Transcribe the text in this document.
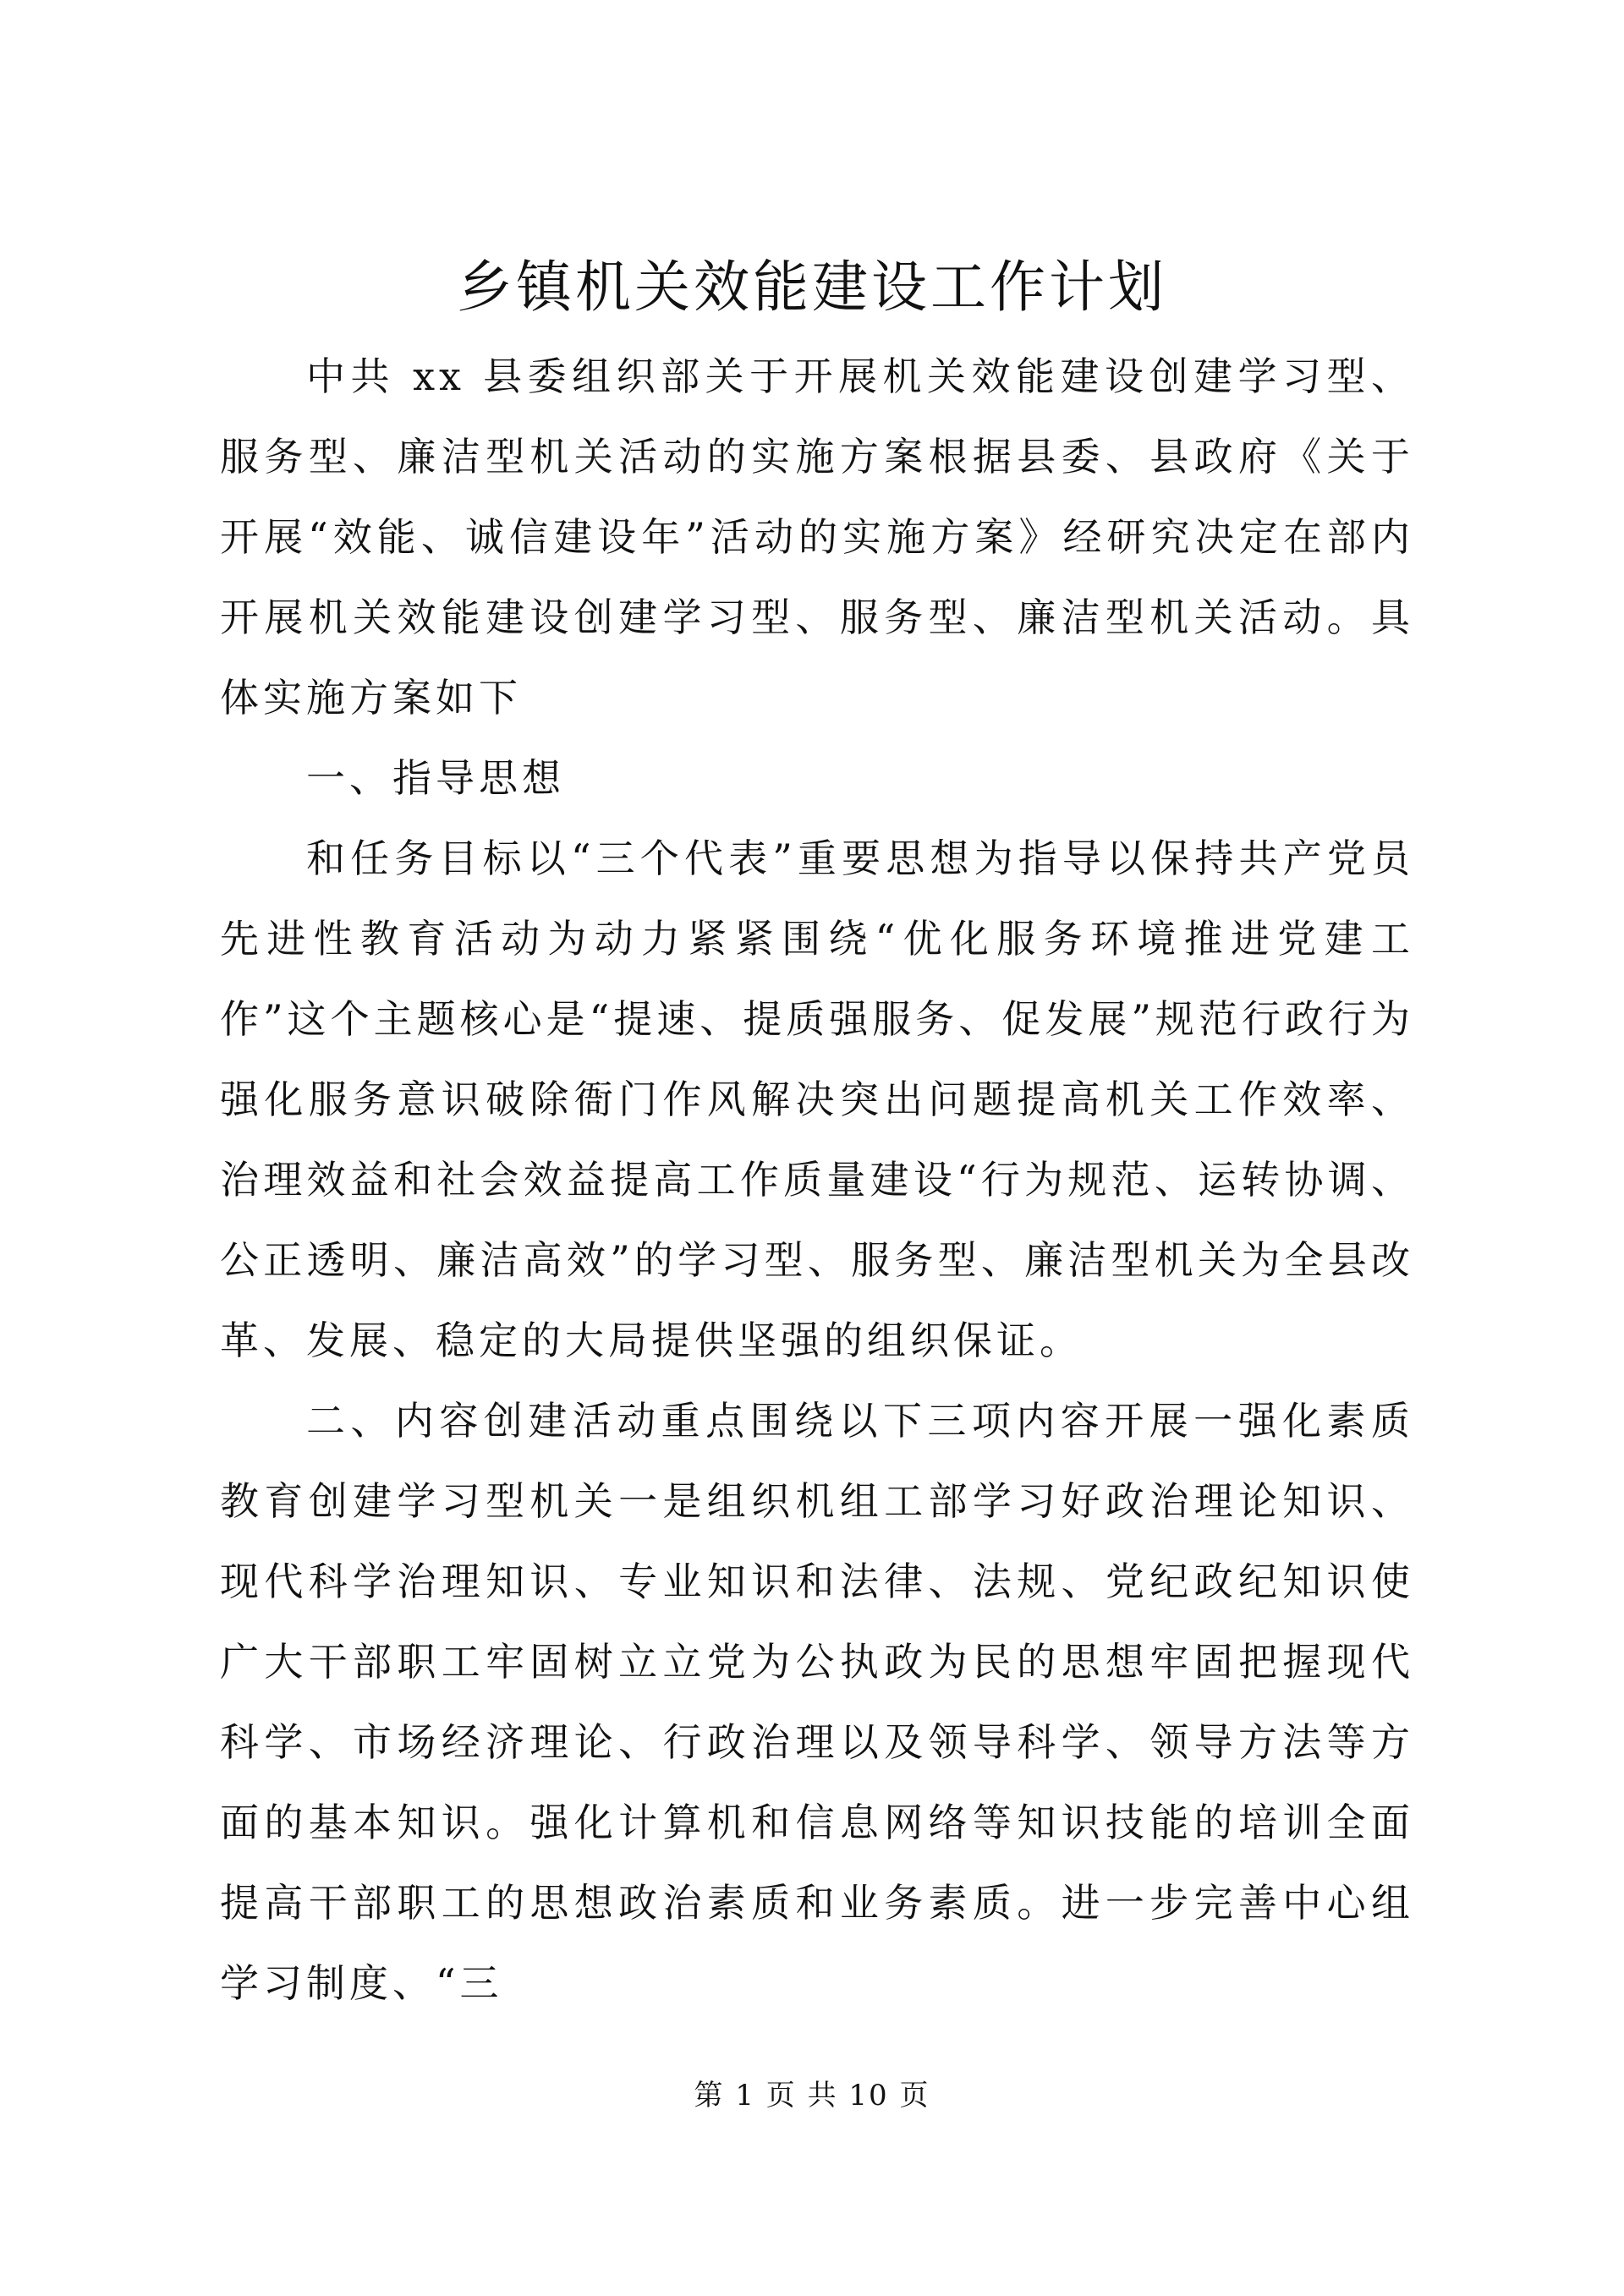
乡镇机关效能建设工作计划

中共 xx 县委组织部关于开展机关效能建设创建学习型、服务型、廉洁型机关活动的实施方案根据县委、县政府《关于开展“效能、诚信建设年”活动的实施方案》经研究决定在部内开展机关效能建设创建学习型、服务型、廉洁型机关活动。具体实施方案如下

一、指导思想

和任务目标以“三个代表”重要思想为指导以保持共产党员先进性教育活动为动力紧紧围绕“优化服务环境推进党建工作”这个主题核心是“提速、提质强服务、促发展”规范行政行为强化服务意识破除衙门作风解决突出问题提高机关工作效率、治理效益和社会效益提高工作质量建设“行为规范、运转协调、公正透明、廉洁高效”的学习型、服务型、廉洁型机关为全县改革、发展、稳定的大局提供坚强的组织保证。

二、内容创建活动重点围绕以下三项内容开展一强化素质教育创建学习型机关一是组织机组工部学习好政治理论知识、现代科学治理知识、专业知识和法律、法规、党纪政纪知识使广大干部职工牢固树立立党为公执政为民的思想牢固把握现代科学、市场经济理论、行政治理以及领导科学、领导方法等方面的基本知识。强化计算机和信息网络等知识技能的培训全面提高干部职工的思想政治素质和业务素质。进一步完善中心组学习制度、“三

第 1 页 共 10 页
